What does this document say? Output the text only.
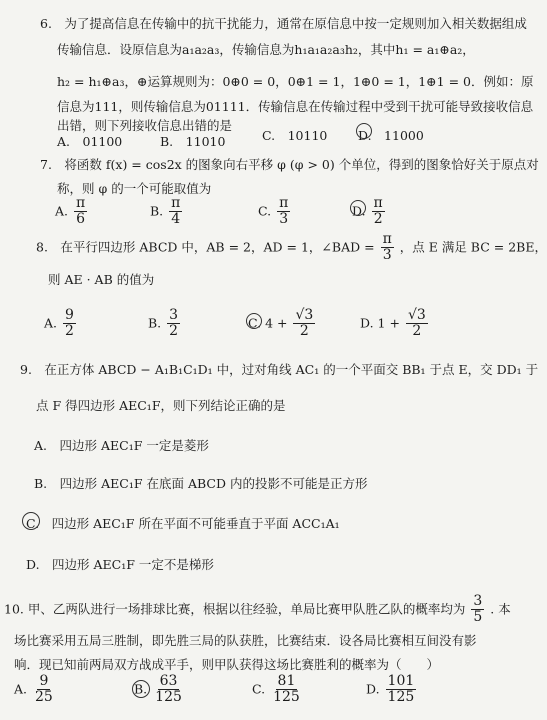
6.　为了提高信息在传输中的抗干扰能力，通常在原信息中按一定规则加入相关数据组成
传输信息．设原信息为a₁a₂a₃，传输信息为h₁a₁a₂a₃h₂，其中h₁ = a₁⊕a₂，
h₂ = h₁⊕a₃，⊕运算规则为：0⊕0 = 0，0⊕1 = 1，1⊕0 = 1，1⊕1 = 0．例如：原
信息为111，则传输信息为01111．传输信息在传输过程中受到干扰可能导致接收信息
出错，则下列接收信息出错的是
A.　01100	B.　11010	C.　10110 D.　11000
7.　将函数 f(x) = cos2x 的图象向右平移 φ (φ > 0) 个单位，得到的图象恰好关于原点对
称，则 φ 的一个可能取值为
A. $\frac{\pi}{6}$	B. $\frac{\pi}{4}$	C. $\frac{\pi}{3}$	D. $\frac{\pi}{2}$
8.　在平行四边形 ABCD 中，AB = 2，AD = 1，∠BAD = $\frac{\pi}{3}$ ，点 E 满足 BC = 2BE，
则 AE · AB 的值为
A. $\frac{9}{2}$	B. $\frac{3}{2}$	C. $4 + \frac{√3}{2}$	D. $1 + \frac{√3}{2}$
9.　在正方体 ABCD − A₁B₁C₁D₁ 中，过对角线 AC₁ 的一个平面交 BB₁ 于点 E，交 DD₁ 于
点 F 得四边形 AEC₁F，则下列结论正确的是
A.　四边形 AEC₁F 一定是菱形
B.　四边形 AEC₁F 在底面 ABCD 内的投影不可能是正方形
C.　四边形 AEC₁F 所在平面不可能垂直于平面 ACC₁A₁
D.　四边形 AEC₁F 一定不是梯形
10. 甲、乙两队进行一场排球比赛，根据以往经验，单局比赛甲队胜乙队的概率均为 $\frac{3}{5}$ . 本
场比赛采用五局三胜制，即先胜三局的队获胜，比赛结束．设各局比赛相互间没有影
响．现已知前两局双方战成平手，则甲队获得这场比赛胜利的概率为（　　）
A. $\frac{9}{25}$	B. $\frac{63}{125}$	C. $\frac{81}{125}$	D. $\frac{101}{125}$
